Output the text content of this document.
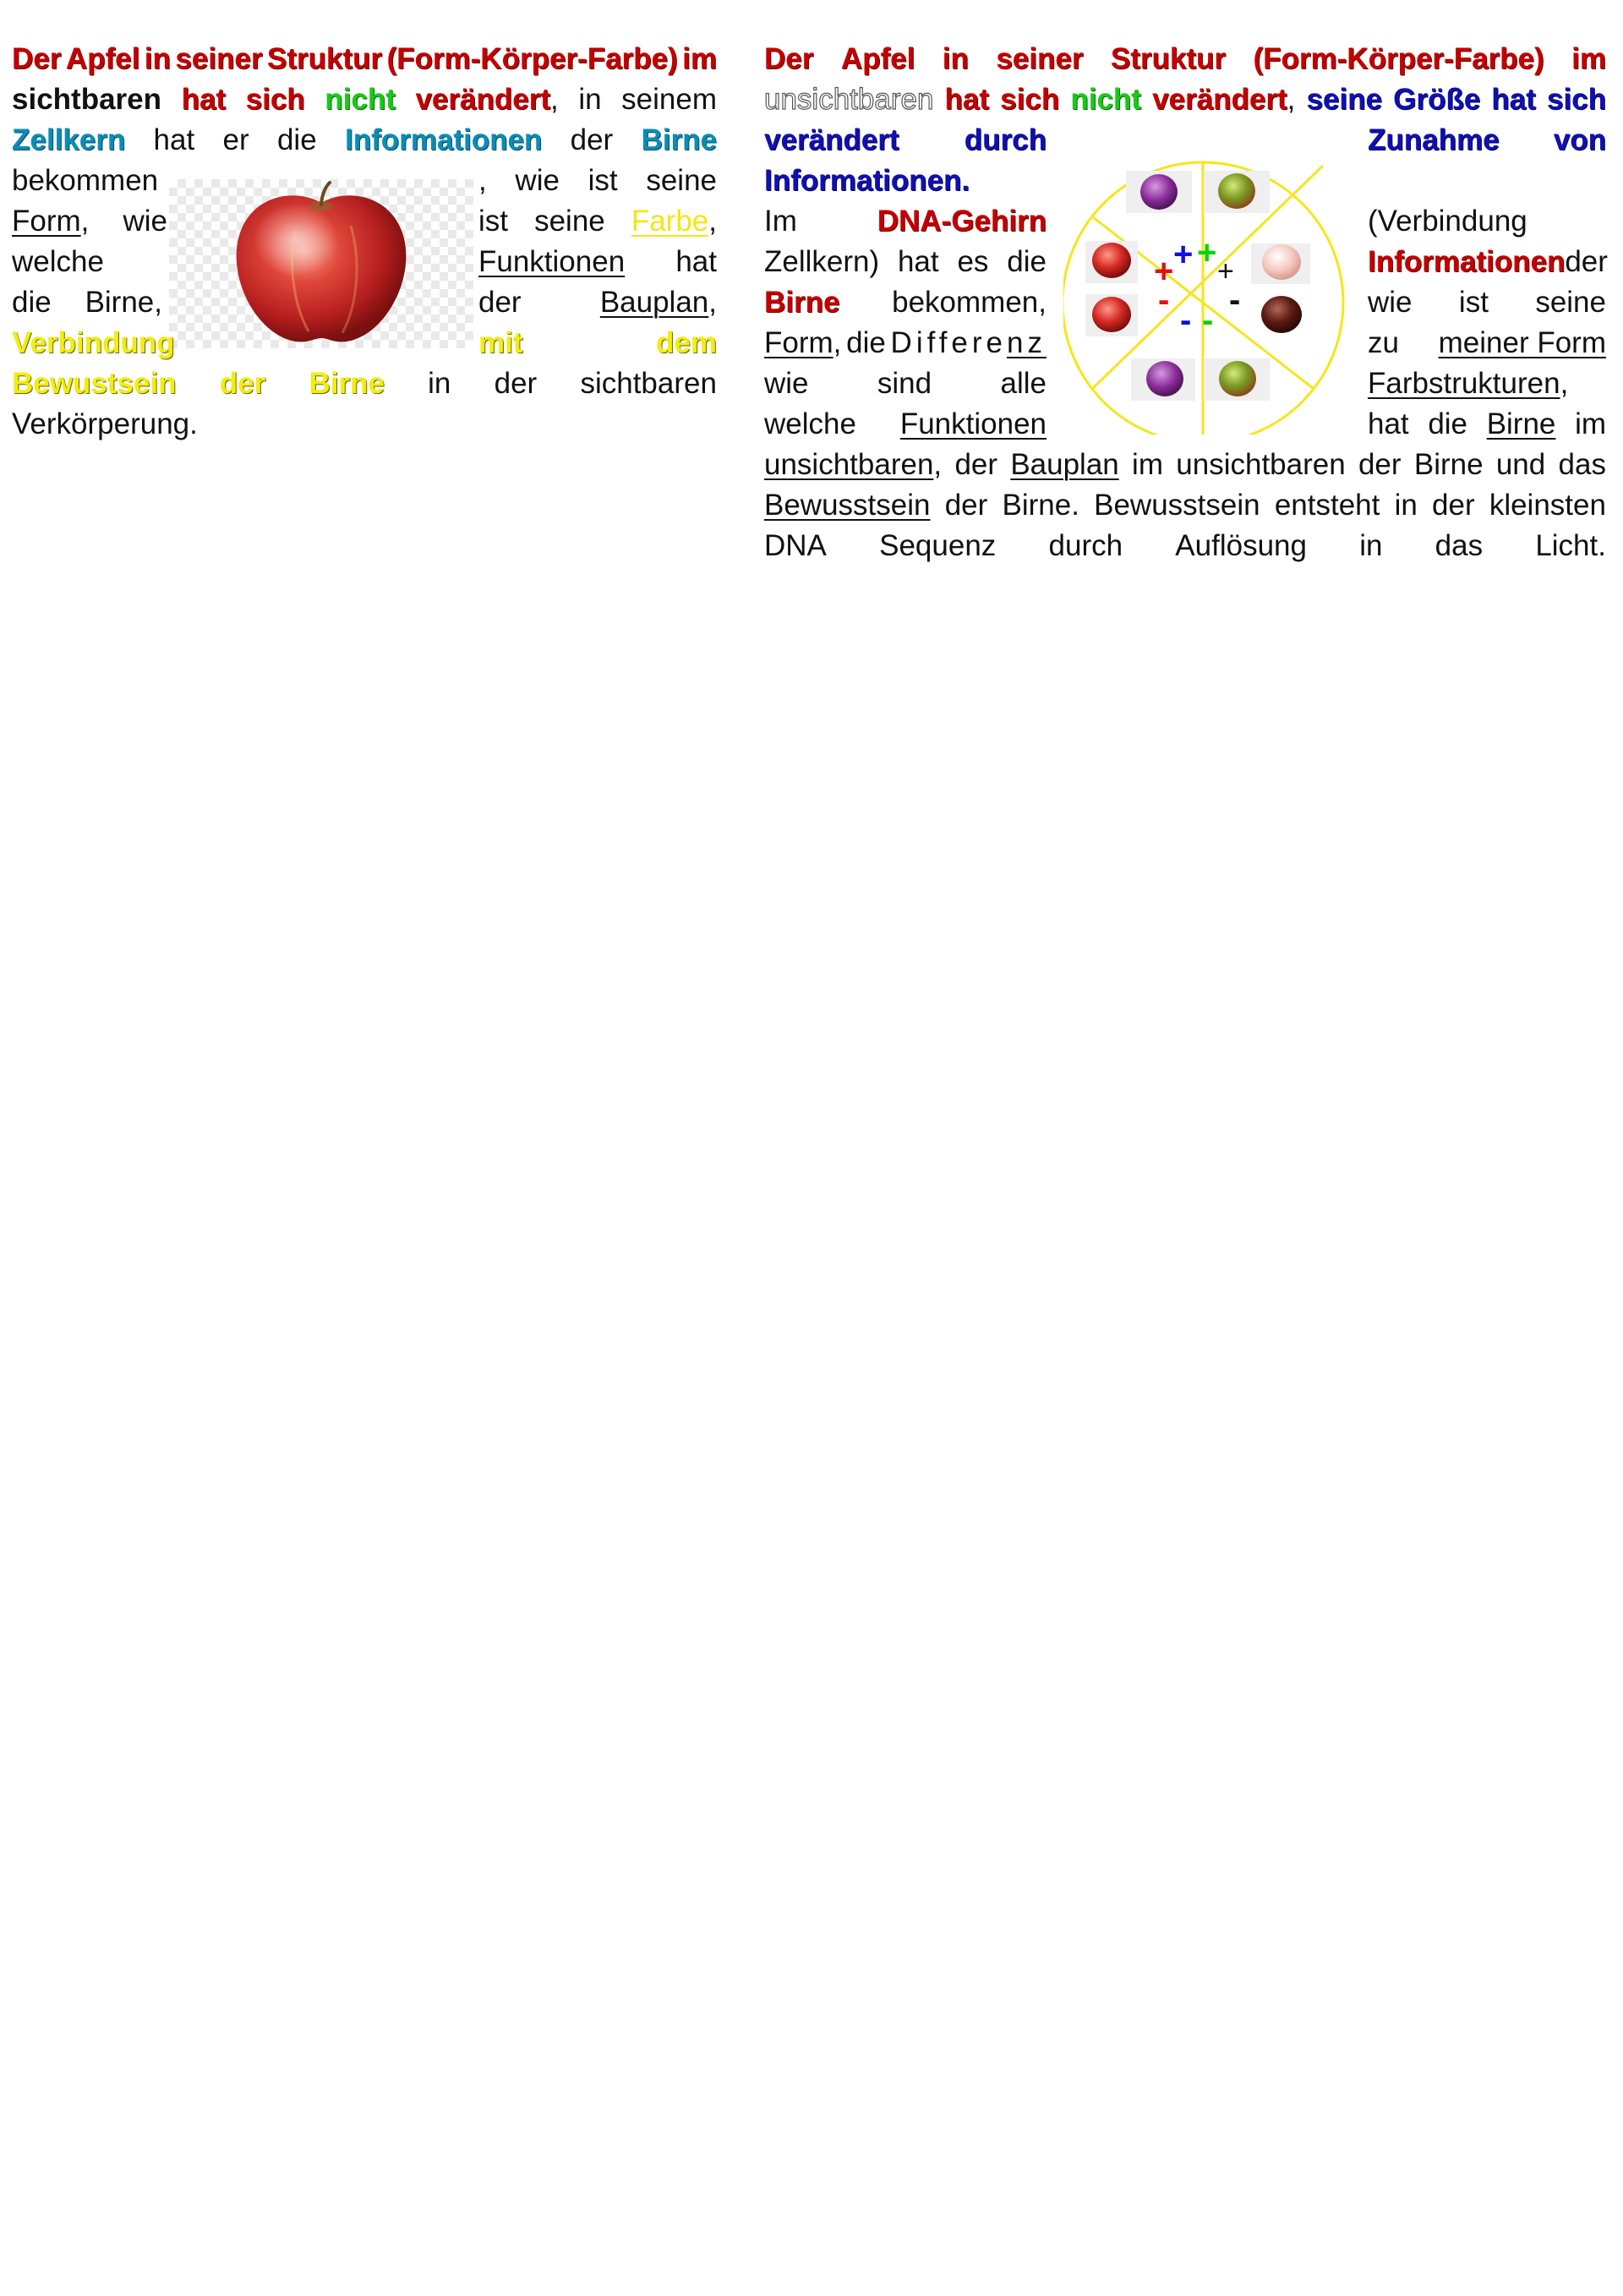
Der Apfel in seiner Struktur (Form-Körper-Farbe) im
sichtbaren hat sich nicht verändert, in seinem
Zellkern hat er die Informationen der Birne
bekommen	, wie ist seine
Form, wie	ist seine Farbe,
welche	Funktionen hat
die Birne,	der	Bauplan,
Verbindung	mit	dem
Bewustsein der Birne in der sichtbaren
Verkörperung.
Der Apfel in seiner Struktur (Form-Körper-Farbe) im
unsichtbaren hat sich nicht verändert, seine Größe hat sich
verändert durch	Zunahme von
Informationen.
Im	DNA-Gehirn	(Verbindung
Zellkern) hat es die	Informationen der
Birne bekommen,	wie ist seine
Form, die Differenz	zu meiner Form
wie sind alle	Farbstrukturen,
welche Funktionen	hat die Birne im
unsichtbaren, der Bauplan im unsichtbaren der Birne und das
Bewusstsein der Birne. Bewusstsein entsteht in der kleinsten
DNA Sequenz durch Auflösung in das Licht.
+ + + +
-
- -
-
